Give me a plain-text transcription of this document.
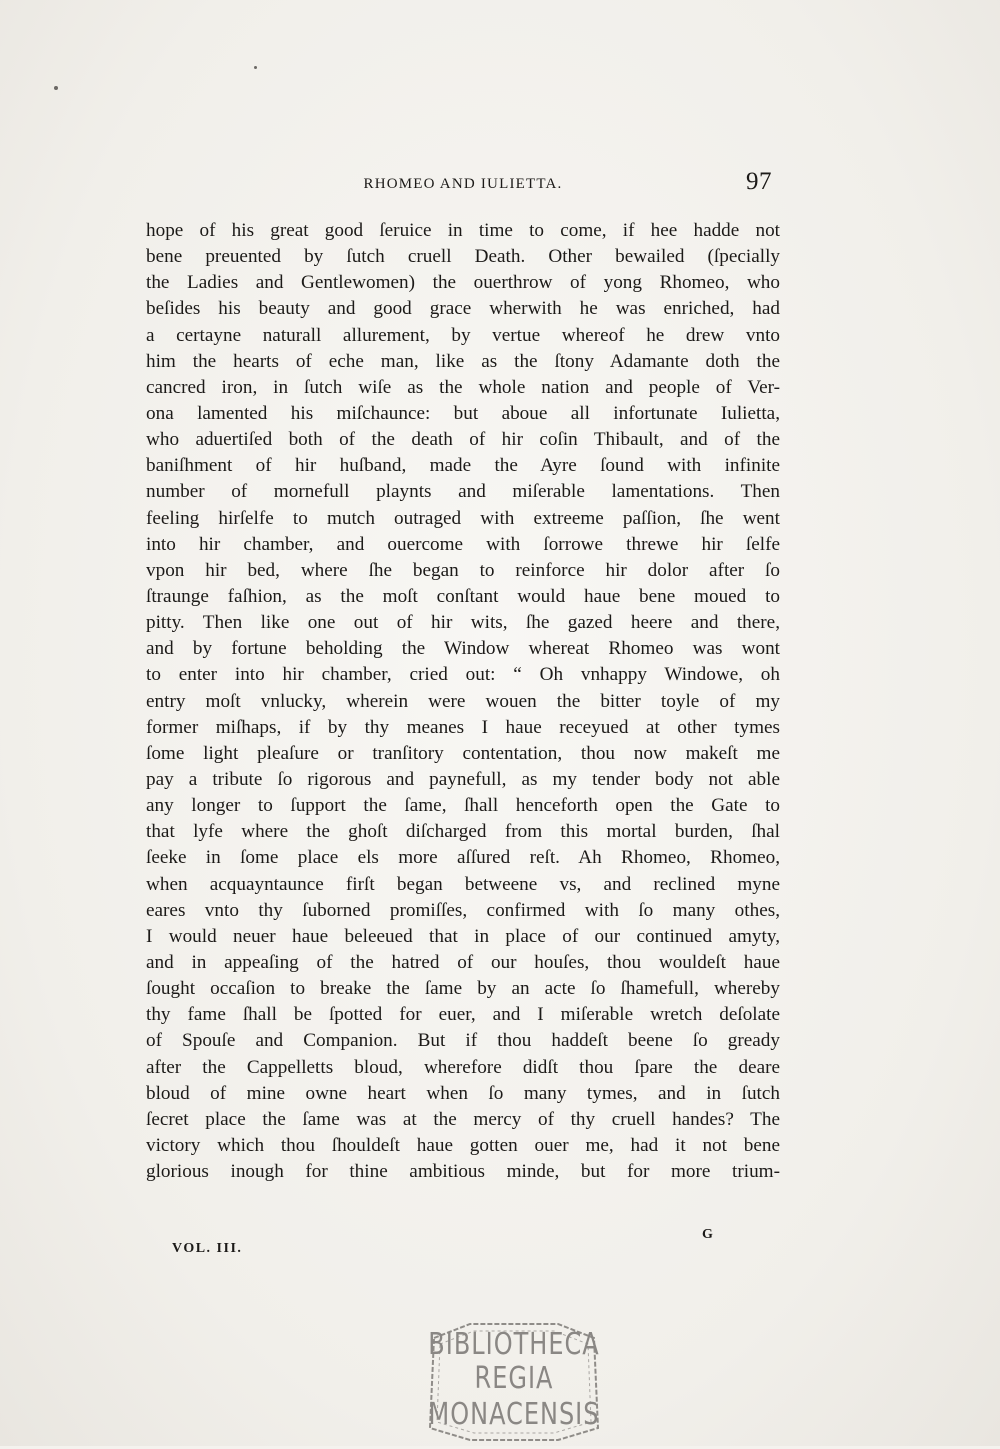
RHOMEO AND IULIETTA.	97
hope of his great good ſeruice in time to come, if hee hadde not
bene preuented by ſutch cruell Death. Other bewailed (ſpecially
the Ladies and Gentlewomen) the ouerthrow of yong Rhomeo, who
beſides his beauty and good grace wherwith he was enriched, had
a certayne naturall allurement, by vertue whereof he drew vnto
him the hearts of eche man, like as the ſtony Adamante doth the
cancred iron, in ſutch wiſe as the whole nation and people of Ver-
ona lamented his miſchaunce: but aboue all infortunate Iulietta,
who aduertiſed both of the death of hir coſin Thibault, and of the
baniſhment of hir huſband, made the Ayre ſound with infinite
number of mornefull playnts and miſerable lamentations. Then
feeling hirſelfe to mutch outraged with extreeme paſſion, ſhe went
into hir chamber, and ouercome with ſorrowe threwe hir ſelfe
vpon hir bed, where ſhe began to reinforce hir dolor after ſo
ſtraunge faſhion, as the moſt conſtant would haue bene moued to
pitty. Then like one out of hir wits, ſhe gazed heere and there,
and by fortune beholding the Window whereat Rhomeo was wont
to enter into hir chamber, cried out: “ Oh vnhappy Windowe, oh
entry moſt vnlucky, wherein were wouen the bitter toyle of my
former miſhaps, if by thy meanes I haue receyued at other tymes
ſome light pleaſure or tranſitory contentation, thou now makeſt me
pay a tribute ſo rigorous and paynefull, as my tender body not able
any longer to ſupport the ſame, ſhall henceforth open the Gate to
that lyfe where the ghoſt diſcharged from this mortal burden, ſhal
ſeeke in ſome place els more aſſured reſt. Ah Rhomeo, Rhomeo,
when acquayntaunce firſt began betweene vs, and reclined myne
eares vnto thy ſuborned promiſſes, confirmed with ſo many othes,
I would neuer haue beleeued that in place of our continued amyty,
and in appeaſing of the hatred of our houſes, thou wouldeſt haue
ſought occaſion to breake the ſame by an acte ſo ſhamefull, whereby
thy fame ſhall be ſpotted for euer, and I miſerable wretch deſolate
of Spouſe and Companion. But if thou haddeſt beene ſo gready
after the Cappelletts bloud, wherefore didſt thou ſpare the deare
bloud of mine owne heart when ſo many tymes, and in ſutch
ſecret place the ſame was at the mercy of thy cruell handes? The
victory which thou ſhouldeſt haue gotten ouer me, had it not bene
glorious inough for thine ambitious minde, but for more trium-
VOL. III.
G
BIBLIOTHECA
REGIA
MONACENSIS
